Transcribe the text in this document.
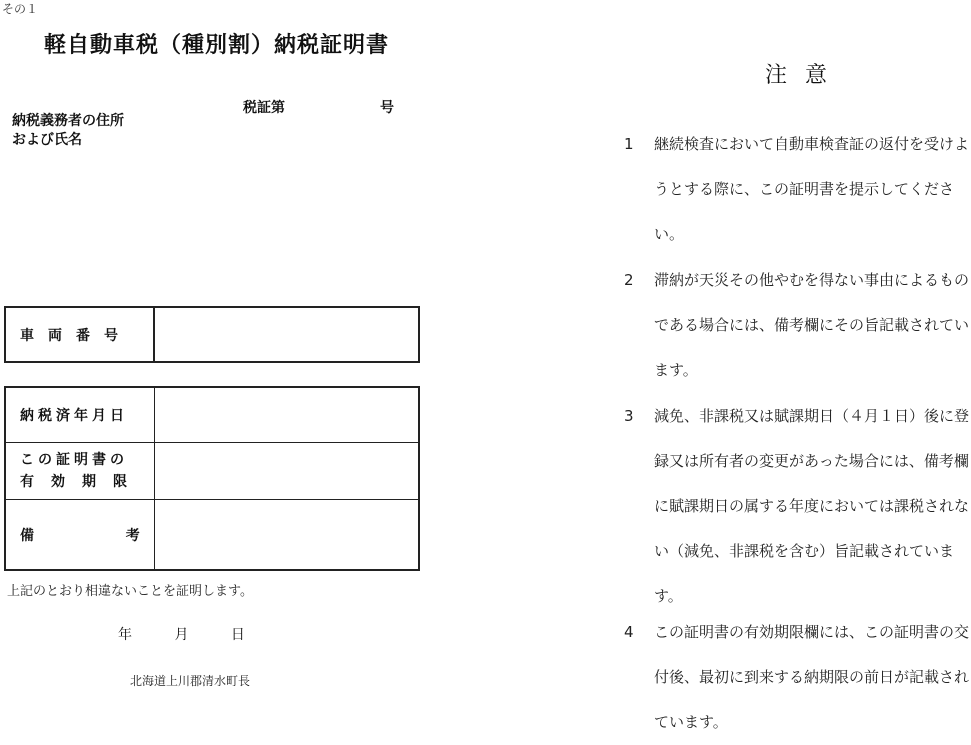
その１
軽自動車税（種別割）納税証明書
税証第	号
納税義務者の住所
および氏名
車両番号	
納税済年月日	
この証明書の
有効期限	

備 考	

上記のとおり相違ないことを証明します。
年	月	日
北海道上川郡清水町長
注意
1	継続検査において自動車検査証の返付を受けようとする際に、この証明書を提示してください。
2	滞納が天災その他やむを得ない事由によるものである場合には、備考欄にその旨記載されています。
3	減免、非課税又は賦課期日（４月１日）後に登録又は所有者の変更があった場合には、備考欄に賦課期日の属する年度においては課税されない（減免、非課税を含む）旨記載されています。
4	この証明書の有効期限欄には、この証明書の交付後、最初に到来する納期限の前日が記載されています。
